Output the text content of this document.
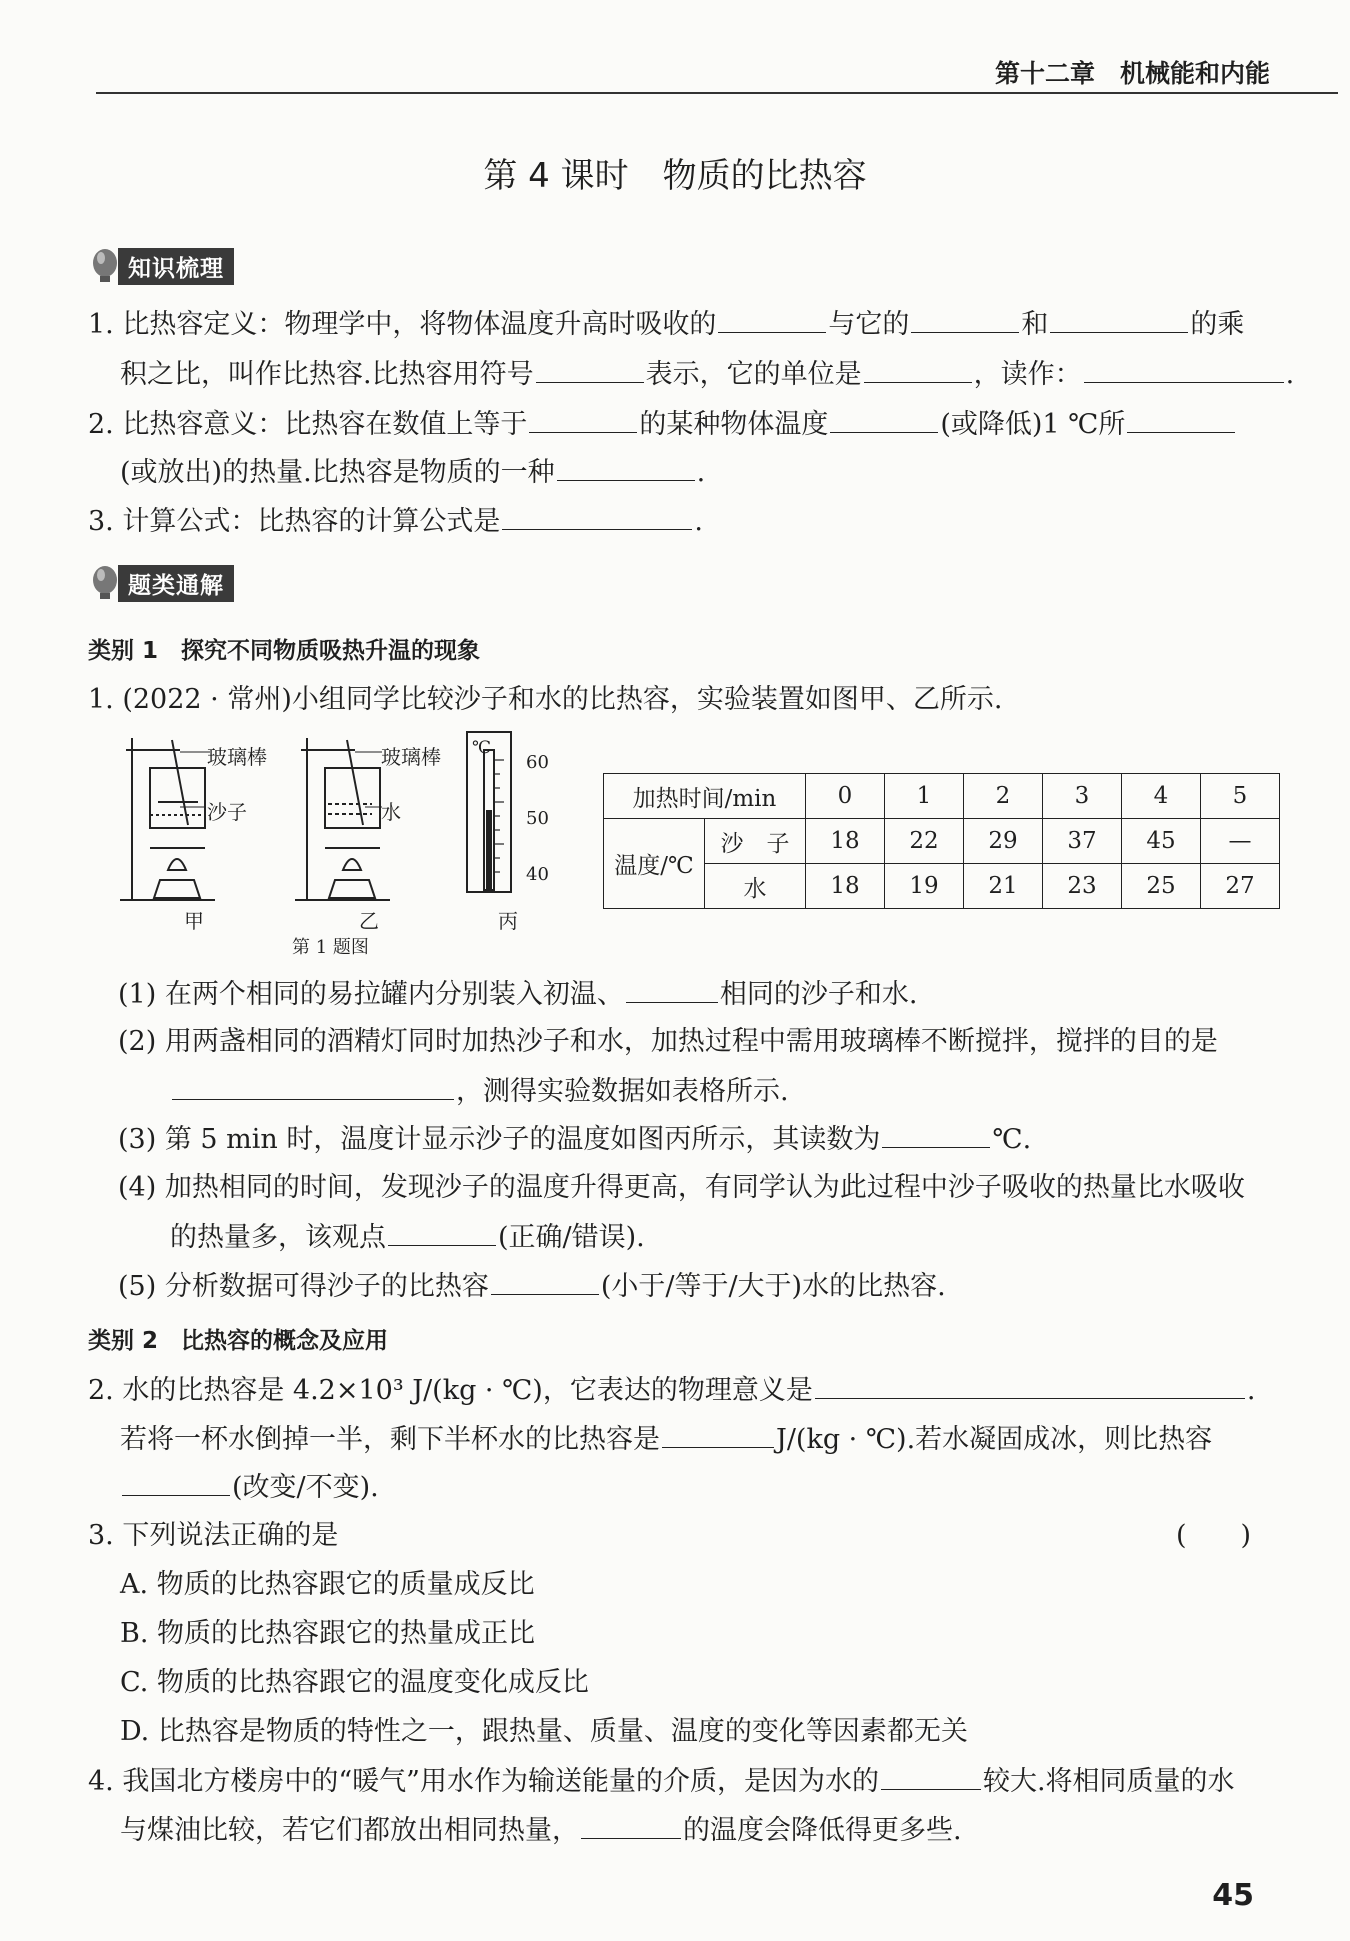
第十二章　机械能和内能
第 4 课时　物质的比热容
知识梳理
1. 比热容定义：物理学中，将物体温度升高时吸收的	与它的	和	的乘
积之比，叫作比热容.比热容用符号	表示，它的单位是	，读作：	.
2. 比热容意义：比热容在数值上等于	的某种物体温度	(或降低)1 ℃所
(或放出)的热量.比热容是物质的一种	.
3. 计算公式：比热容的计算公式是	.
题类通解
类别 1　探究不同物质吸热升温的现象
1. (2022 · 常州)小组同学比较沙子和水的比热容，实验装置如图甲、乙所示.
玻璃棒
沙子
玻璃棒
水
℃
60
50
40
甲	乙	丙
第 1 题图
加热时间/min		0	1	2	3	4	5
温度/℃	沙　子	18	22	29	37	45	—
	水	18	19	21	23	25	27
(1) 在两个相同的易拉罐内分别装入初温、	相同的沙子和水.
(2) 用两盏相同的酒精灯同时加热沙子和水，加热过程中需用玻璃棒不断搅拌，搅拌的目的是
，测得实验数据如表格所示.
(3) 第 5 min 时，温度计显示沙子的温度如图丙所示，其读数为	℃.
(4) 加热相同的时间，发现沙子的温度升得更高，有同学认为此过程中沙子吸收的热量比水吸收
的热量多，该观点	(正确/错误).
(5) 分析数据可得沙子的比热容	(小于/等于/大于)水的比热容.
类别 2　比热容的概念及应用
2. 水的比热容是 4.2×10³ J/(kg · ℃)，它表达的物理意义是	.
若将一杯水倒掉一半，剩下半杯水的比热容是	J/(kg · ℃).若水凝固成冰，则比热容
(改变/不变).
3. 下列说法正确的是	(　　)
A. 物质的比热容跟它的质量成反比
B. 物质的比热容跟它的热量成正比
C. 物质的比热容跟它的温度变化成反比
D. 比热容是物质的特性之一，跟热量、质量、温度的变化等因素都无关
4. 我国北方楼房中的“暖气”用水作为输送能量的介质，是因为水的	较大.将相同质量的水
与煤油比较，若它们都放出相同热量，	的温度会降低得更多些.
45
